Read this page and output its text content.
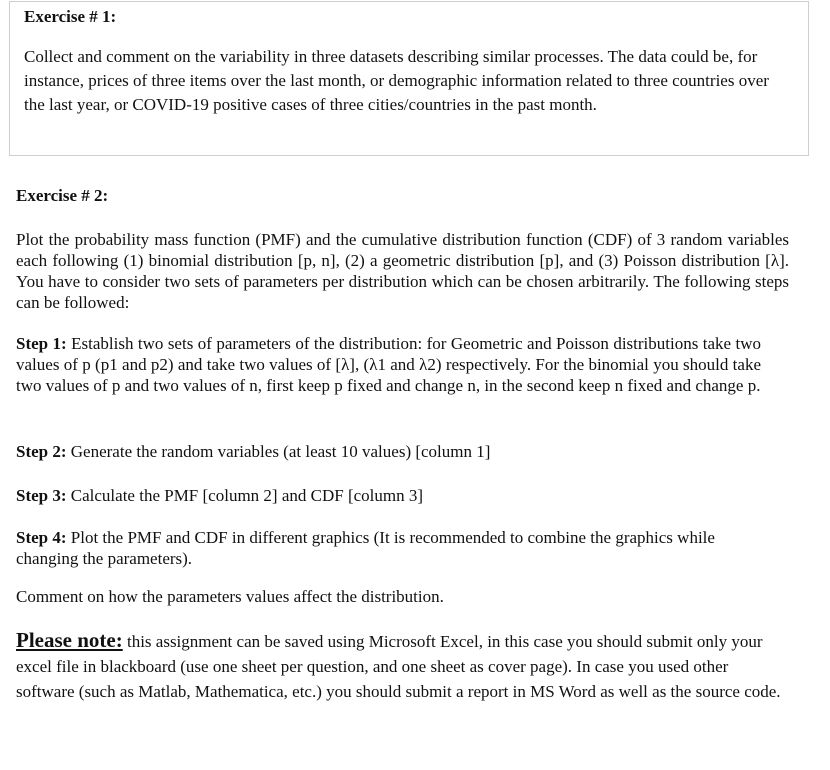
Exercise # 1:
Collect and comment on the variability in three datasets describing similar processes. The data could be, for instance, prices of three items over the last month, or demographic information related to three countries over the last year, or COVID-19 positive cases of three cities/countries in the past month.
Exercise # 2:
Plot the probability mass function (PMF) and the cumulative distribution function (CDF) of 3 random variables each following (1) binomial distribution [p, n], (2) a geometric distribution [p], and (3) Poisson distribution [λ]. You have to consider two sets of parameters per distribution which can be chosen arbitrarily. The following steps can be followed:
Step 1: Establish two sets of parameters of the distribution: for Geometric and Poisson distributions take two values of p (p1 and p2) and take two values of [λ], (λ1 and λ2) respectively. For the binomial you should take two values of p and two values of n, first keep p fixed and change n, in the second keep n fixed and change p.
Step 2: Generate the random variables (at least 10 values) [column 1]
Step 3: Calculate the PMF [column 2] and CDF [column 3]
Step 4: Plot the PMF and CDF in different graphics (It is recommended to combine the graphics while changing the parameters).
Comment on how the parameters values affect the distribution.
Please note: this assignment can be saved using Microsoft Excel, in this case you should submit only your excel file in blackboard (use one sheet per question, and one sheet as cover page). In case you used other software (such as Matlab, Mathematica, etc.) you should submit a report in MS Word as well as the source code.
